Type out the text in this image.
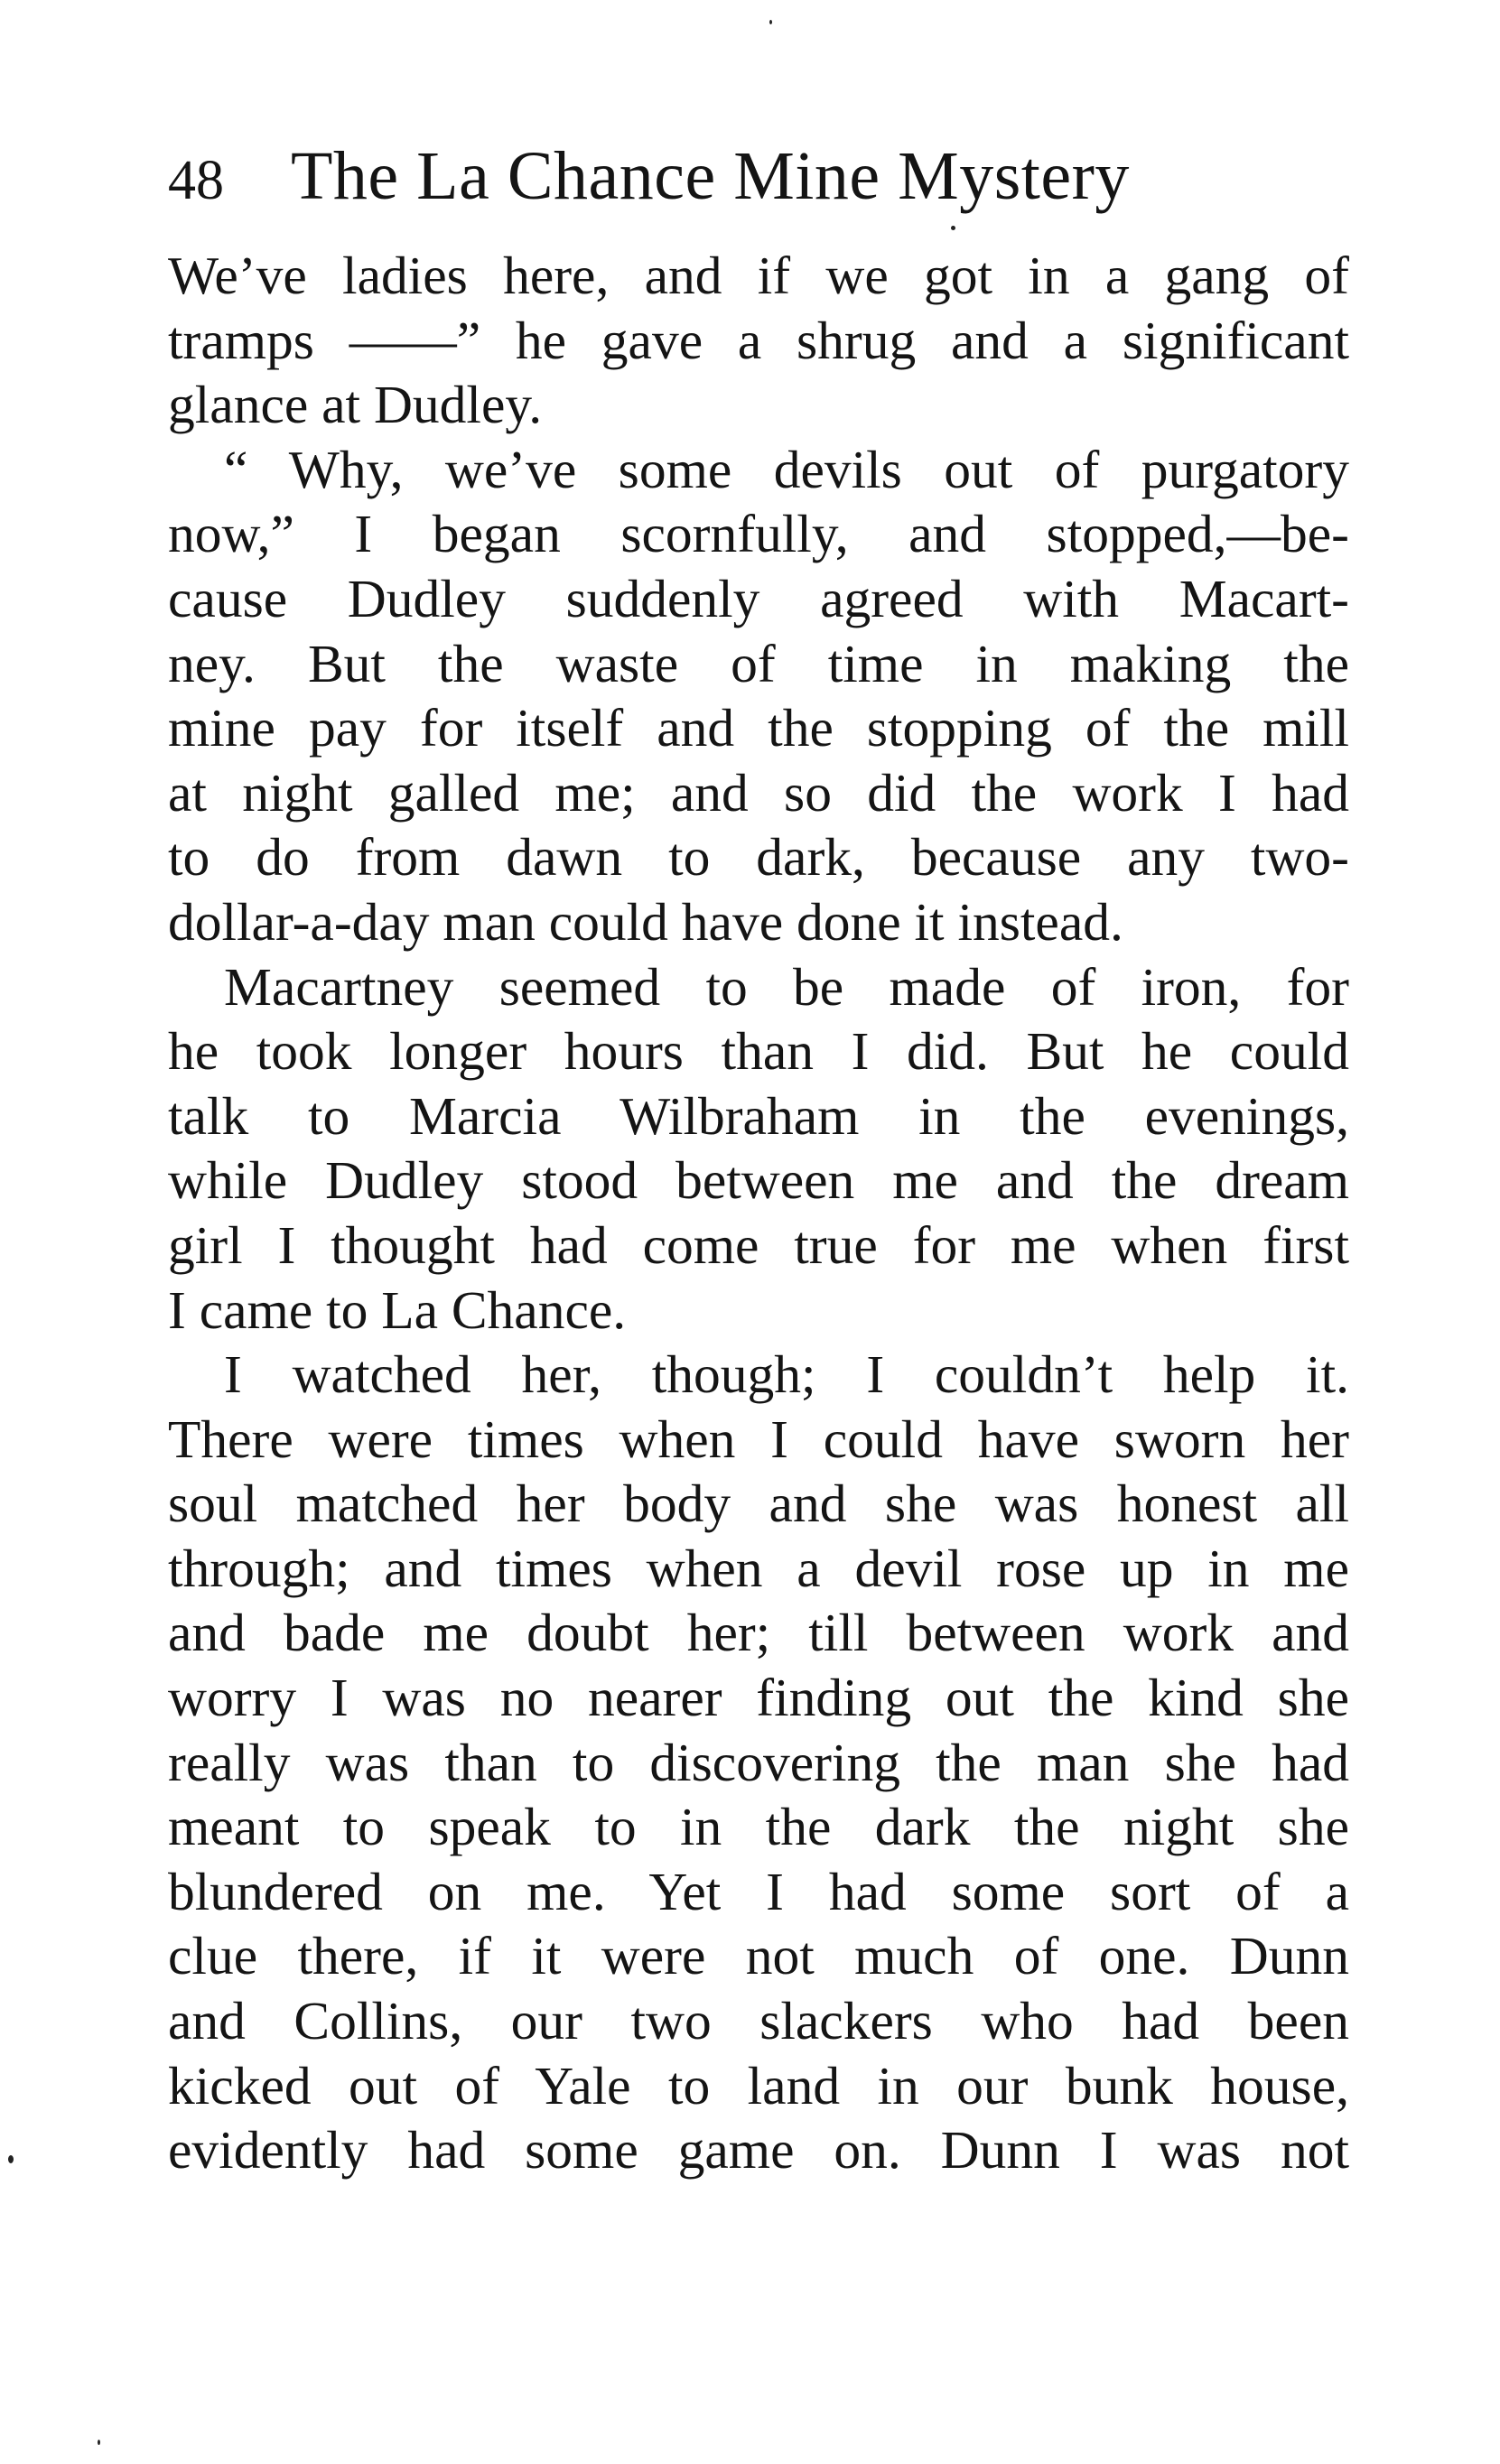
48 The La Chance Mine Mystery
We’ve ladies here, and if we got in a gang of
tramps ——” he gave a shrug and a significant
glance at Dudley.
“ Why, we’ve some devils out of purgatory
now,” I began scornfully, and stopped,—be-
cause Dudley suddenly agreed with Macart-
ney. But the waste of time in making the
mine pay for itself and the stopping of the mill
at night galled me; and so did the work I had
to do from dawn to dark, because any two-
dollar-a-day man could have done it instead.
Macartney seemed to be made of iron, for
he took longer hours than I did. But he could
talk to Marcia Wilbraham in the evenings,
while Dudley stood between me and the dream
girl I thought had come true for me when first
I came to La Chance.
I watched her, though; I couldn’t help it.
There were times when I could have sworn her
soul matched her body and she was honest all
through; and times when a devil rose up in me
and bade me doubt her; till between work and
worry I was no nearer finding out the kind she
really was than to discovering the man she had
meant to speak to in the dark the night she
blundered on me. Yet I had some sort of a
clue there, if it were not much of one. Dunn
and Collins, our two slackers who had been
kicked out of Yale to land in our bunk house,
evidently had some game on. Dunn I was not
